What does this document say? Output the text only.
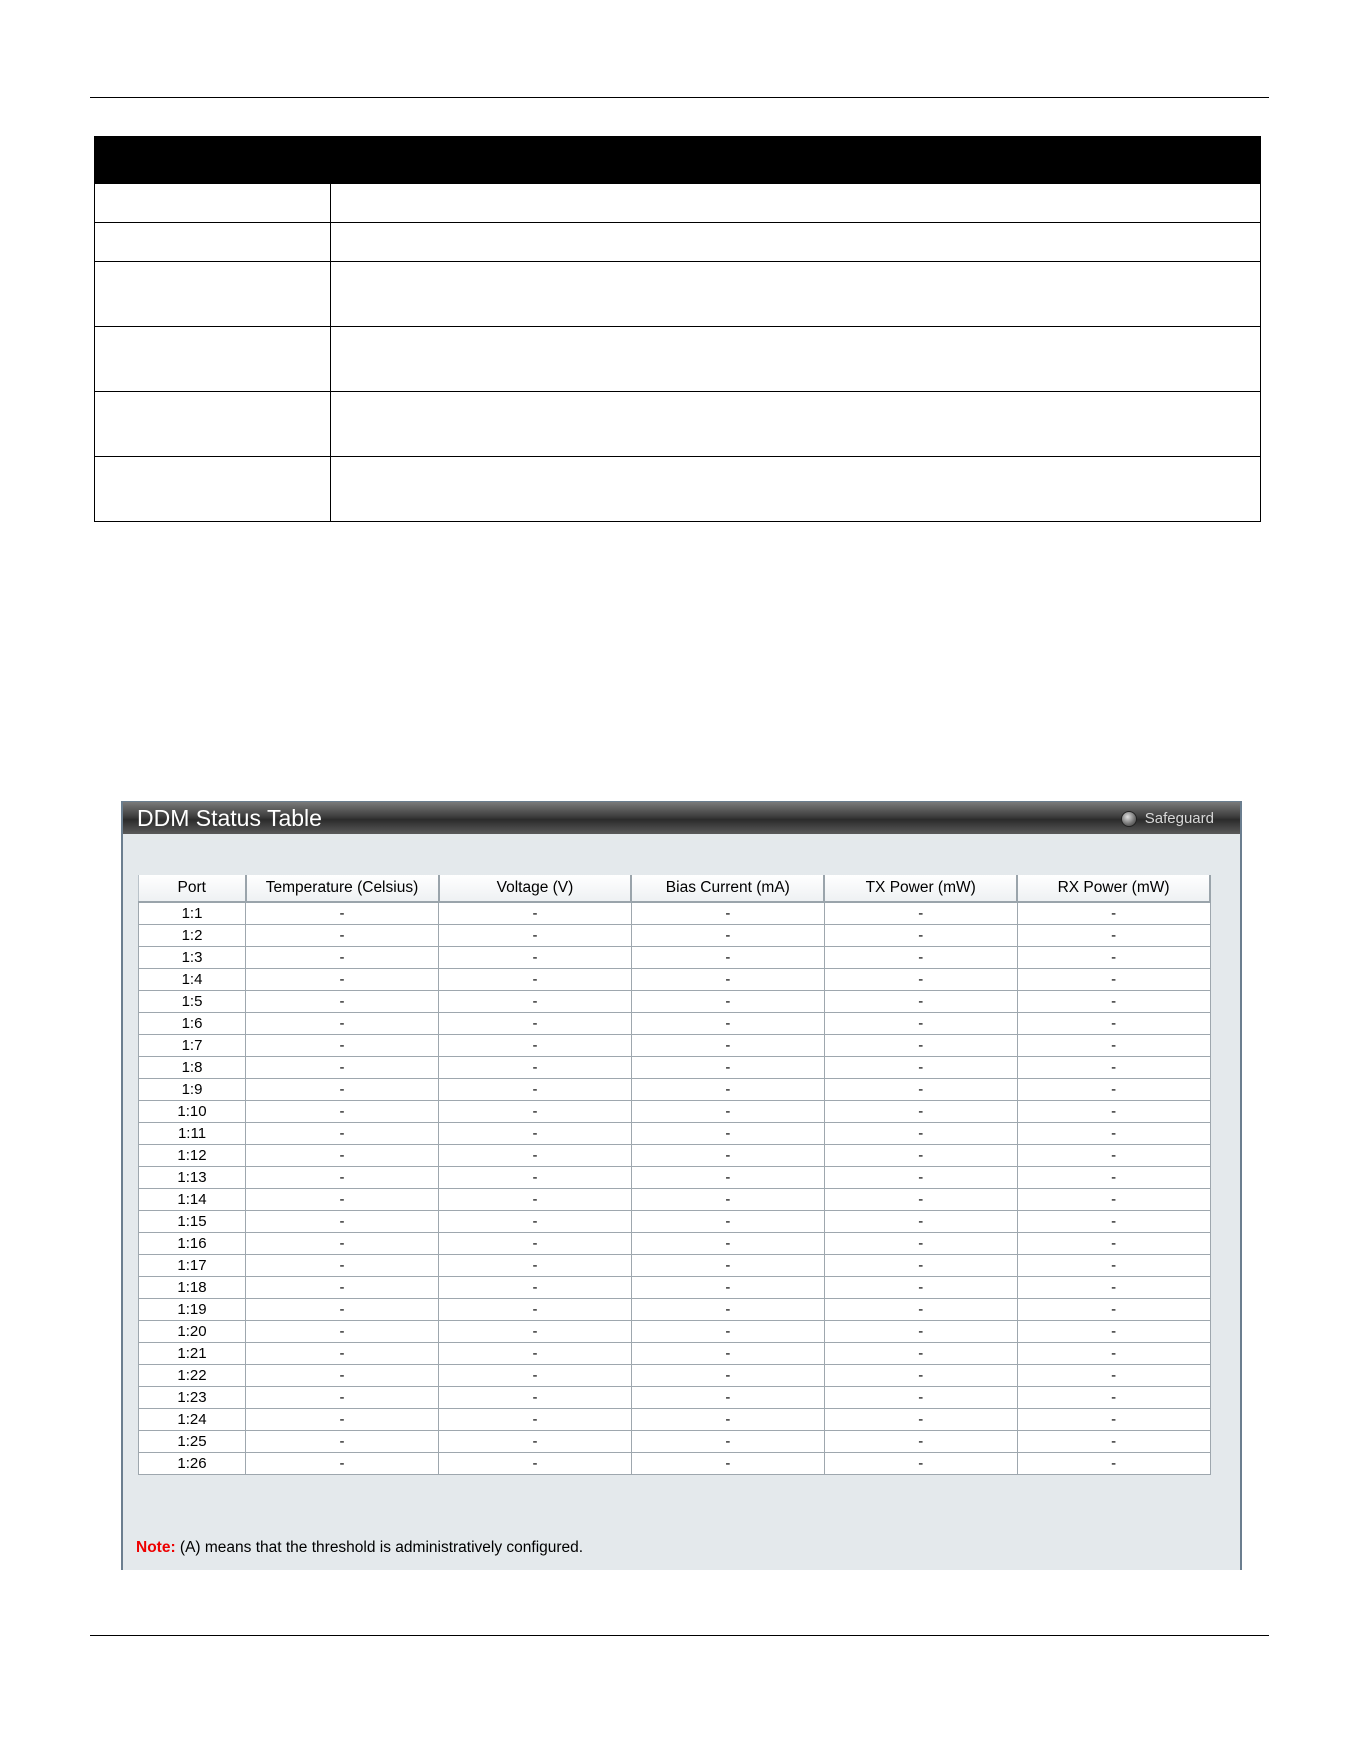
DDM Status Table	Safeguard
Port	Temperature (Celsius)	Voltage (V)	Bias Current (mA)	TX Power (mW)	RX Power (mW)
1:1	-	-	-	-	-
1:2	-	-	-	-	-
1:3	-	-	-	-	-
1:4	-	-	-	-	-
1:5	-	-	-	-	-
1:6	-	-	-	-	-
1:7	-	-	-	-	-
1:8	-	-	-	-	-
1:9	-	-	-	-	-
1:10	-	-	-	-	-
1:11	-	-	-	-	-
1:12	-	-	-	-	-
1:13	-	-	-	-	-
1:14	-	-	-	-	-
1:15	-	-	-	-	-
1:16	-	-	-	-	-
1:17	-	-	-	-	-
1:18	-	-	-	-	-
1:19	-	-	-	-	-
1:20	-	-	-	-	-
1:21	-	-	-	-	-
1:22	-	-	-	-	-
1:23	-	-	-	-	-
1:24	-	-	-	-	-
1:25	-	-	-	-	-
1:26	-	-	-	-	-
Note: (A) means that the threshold is administratively configured.
